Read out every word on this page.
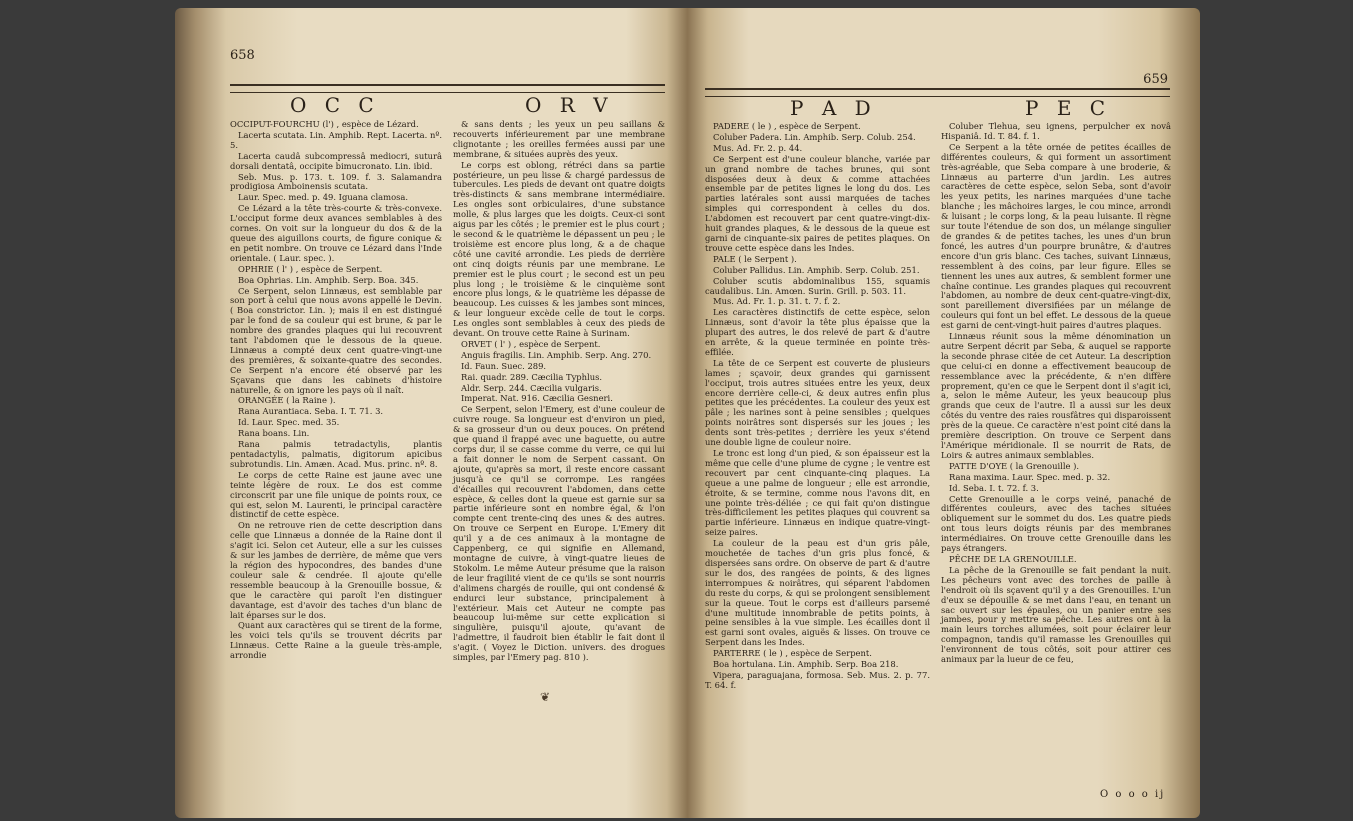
658
O C C	O R V

OCCIPUT-FOURCHU (l') , espèce de Lézard.

Lacerta scutata. Lin. Amphib. Rept. Lacerta. nº. 5.

Lacerta caudâ subcompressâ mediocri, suturâ dorsali dentatâ, occipite bimucronato. Lin. ibid.

Seb. Mus. p. 173. t. 109. f. 3. Salamandra prodigiosa Amboinensis scutata.

Laur. Spec. med. p. 49. Iguana clamosa.

Ce Lézard a la tête très-courte & très-convexe. L'occiput forme deux avances semblables à des cornes. On voit sur la longueur du dos & de la queue des aiguillons courts, de figure conique & en petit nombre. On trouve ce Lézard dans l'Inde orientale. ( Laur. spec. ).

OPHRIE ( l' ) , espèce de Serpent.

Boa Ophrias. Lin. Amphib. Serp. Boa. 345.

Ce Serpent, selon Linnæus, est semblable par son port à celui que nous avons appellé le Devin. ( Boa constrictor. Lin. ); mais il en est distingué par le fond de sa couleur qui est brune, & par le nombre des grandes plaques qui lui recouvrent tant l'abdomen que le dessous de la queue. Linnæus a compté deux cent quatre-vingt-une des premières, & soixante-quatre des secondes. Ce Serpent n'a encore été observé par les Sçavans que dans les cabinets d'histoire naturelle, & on ignore les pays où il naît.

ORANGÉE ( la Raine ).

Rana Aurantiaca. Seba. I. T. 71. 3.

Id. Laur. Spec. med. 35.

Rana boans. Lin.

Rana palmis tetradactylis, plantis pentadactylis, palmatis, digitorum apicibus subrotundis. Lin. Amæn. Acad. Mus. princ. nº. 8.

Le corps de cette Raine est jaune avec une teinte légère de roux. Le dos est comme circonscrit par une file unique de points roux, ce qui est, selon M. Laurenti, le principal caractère distinctif de cette espèce.

On ne retrouve rien de cette description dans celle que Linnæus a donnée de la Raine dont il s'agit ici. Selon cet Auteur, elle a sur les cuisses & sur les jambes de derrière, de même que vers la région des hypocondres, des bandes d'une couleur sale & cendrée. Il ajoute qu'elle ressemble beaucoup à la Grenouille bossue, & que le caractère qui paroît l'en distinguer davantage, est d'avoir des taches d'un blanc de lait éparses sur le dos.

Quant aux caractères qui se tirent de la forme, les voici tels qu'ils se trouvent décrits par Linnæus. Cette Raine a la gueule très-ample, arrondie

& sans dents ; les yeux un peu saillans & recouverts inférieurement par une membrane clignotante ; les oreilles fermées aussi par une membrane, & situées auprès des yeux.

Le corps est oblong, rétréci dans sa partie postérieure, un peu lisse & chargé pardessus de tubercules. Les pieds de devant ont quatre doigts très-distincts & sans membrane intermédiaire. Les ongles sont orbiculaires, d'une substance molle, & plus larges que les doigts. Ceux-ci sont aigus par les côtés ; le premier est le plus court ; le second & le quatrième le dépassent un peu ; le troisième est encore plus long, & a de chaque côté une cavité arrondie. Les pieds de derrière ont cinq doigts réunis par une membrane. Le premier est le plus court ; le second est un peu plus long ; le troisième & le cinquième sont encore plus longs, & le quatrième les dépasse de beaucoup. Les cuisses & les jambes sont minces, & leur longueur excède celle de tout le corps. Les ongles sont semblables à ceux des pieds de devant. On trouve cette Raine à Surinam.

ORVET ( l' ) , espèce de Serpent.

Anguis fragilis. Lin. Amphib. Serp. Ang. 270.

Id. Faun. Suec. 289.

Rai. quadr. 289. Cæcilia Typhlus.

Aldr. Serp. 244. Cæcilia vulgaris.

Imperat. Nat. 916. Cæcilia Gesneri.

Ce Serpent, selon l'Emery, est d'une couleur de cuivre rouge. Sa longueur est d'environ un pied, & sa grosseur d'un ou deux pouces. On prétend que quand il frappé avec une baguette, ou autre corps dur, il se casse comme du verre, ce qui lui a fait donner le nom de Serpent cassant. On ajoute, qu'après sa mort, il reste encore cassant jusqu'à ce qu'il se corrompe. Les rangées d'écailles qui recouvrent l'abdomen, dans cette espèce, & celles dont la queue est garnie sur sa partie inférieure sont en nombre égal, & l'on compte cent trente-cinq des unes & des autres. On trouve ce Serpent en Europe. L'Emery dit qu'il y a de ces animaux à la montagne de Cappenberg, ce qui signifie en Allemand, montagne de cuivre, à vingt-quatre lieues de Stokolm. Le même Auteur présume que la raison de leur fragilité vient de ce qu'ils se sont nourris d'alimens chargés de rouille, qui ont condensé & endurci leur substance, principalement à l'extérieur. Mais cet Auteur ne compte pas beaucoup lui-même sur cette explication si singulière, puisqu'il ajoute, qu'avant de l'admettre, il faudroit bien établir le fait dont il s'agit. ( Voyez le Diction. univers. des drogues simples, par l'Emery pag. 810 ).

❦
659
P A D	P E C

PADERE ( le ) , espèce de Serpent.

Coluber Padera. Lin. Amphib. Serp. Colub. 254.

Mus. Ad. Fr. 2. p. 44.

Ce Serpent est d'une couleur blanche, variée par un grand nombre de taches brunes, qui sont disposées deux à deux & comme attachées ensemble par de petites lignes le long du dos. Les parties latérales sont aussi marquées de taches simples qui correspondent à celles du dos. L'abdomen est recouvert par cent quatre-vingt-dix-huit grandes plaques, & le dessous de la queue est garni de cinquante-six paires de petites plaques. On trouve cette espèce dans les Indes.

PALE ( le Serpent ).

Coluber Pallidus. Lin. Amphib. Serp. Colub. 251.

Coluber scutis abdominalibus 155, squamis caudalibus. Lin. Amœn. Surin. Grill. p. 503. 11.

Mus. Ad. Fr. 1. p. 31. t. 7. f. 2.

Les caractères distinctifs de cette espèce, selon Linnæus, sont d'avoir la tête plus épaisse que la plupart des autres, le dos relevé de part & d'autre en arrête, & la queue terminée en pointe très-effilée.

La tête de ce Serpent est couverte de plusieurs lames ; sçavoir, deux grandes qui garnissent l'occiput, trois autres situées entre les yeux, deux encore derrière celle-ci, & deux autres enfin plus petites que les précédentes. La couleur des yeux est pâle ; les narines sont à peine sensibles ; quelques points noirâtres sont dispersés sur les joues ; les dents sont très-petites ; derrière les yeux s'étend une double ligne de couleur noire.

Le tronc est long d'un pied, & son épaisseur est la même que celle d'une plume de cygne ; le ventre est recouvert par cent cinquante-cinq plaques. La queue a une palme de longueur ; elle est arrondie, étroite, & se termine, comme nous l'avons dit, en une pointe très-déliée ; ce qui fait qu'on distingue très-difficilement les petites plaques qui couvrent sa partie inférieure. Linnæus en indique quatre-vingt-seize paires.

La couleur de la peau est d'un gris pâle, mouchetée de taches d'un gris plus foncé, & dispersées sans ordre. On observe de part & d'autre sur le dos, des rangées de points, & des lignes interrompues & noirâtres, qui séparent l'abdomen du reste du corps, & qui se prolongent sensiblement sur la queue. Tout le corps est d'ailleurs parsemé d'une multitude innombrable de petits points, à peine sensibles à la vue simple. Les écailles dont il est garni sont ovales, aiguës & lisses. On trouve ce Serpent dans les Indes.

PARTERRE ( le ) , espèce de Serpent.

Boa hortulana. Lin. Amphib. Serp. Boa 218.

Vipera, paraguajana, formosa. Seb. Mus. 2. p. 77. T. 64. f.

Coluber Tlehua, seu ignens, perpulcher ex novâ Hispaniâ. Id. T. 84. f. 1.

Ce Serpent a la tête ornée de petites écailles de différentes couleurs, & qui forment un assortiment très-agréable, que Seba compare à une broderie, & Linnæus au parterre d'un jardin. Les autres caractères de cette espèce, selon Seba, sont d'avoir les yeux petits, les narines marquées d'une tache blanche ; les mâchoires larges, le cou mince, arrondi & luisant ; le corps long, & la peau luisante. Il règne sur toute l'étendue de son dos, un mélange singulier de grandes & de petites taches, les unes d'un brun foncé, les autres d'un pourpre brunâtre, & d'autres encore d'un gris blanc. Ces taches, suivant Linnæus, ressemblent à des coins, par leur figure. Elles se tiennent les unes aux autres, & semblent former une chaîne continue. Les grandes plaques qui recouvrent l'abdomen, au nombre de deux cent-quatre-vingt-dix, sont pareillement diversifiées par un mélange de couleurs qui font un bel effet. Le dessous de la queue est garni de cent-vingt-huit paires d'autres plaques.

Linnæus réunit sous la même dénomination un autre Serpent décrit par Seba, & auquel se rapporte la seconde phrase citée de cet Auteur. La description que celui-ci en donne a effectivement beaucoup de ressemblance avec la précédente, & n'en diffère proprement, qu'en ce que le Serpent dont il s'agit ici, a, selon le même Auteur, les yeux beaucoup plus grands que ceux de l'autre. Il a aussi sur les deux côtés du ventre des raies rousfâtres qui disparoissent près de la queue. Ce caractère n'est point cité dans la première description. On trouve ce Serpent dans l'Amérique méridionale. Il se nourrit de Rats, de Loirs & autres animaux semblables.

PATTE D'OYE ( la Grenouille ).

Rana maxima. Laur. Spec. med. p. 32.

Id. Seba. I. t. 72. f. 3.

Cette Grenouille a le corps veiné, panaché de différentes couleurs, avec des taches situées obliquement sur le sommet du dos. Les quatre pieds ont tous leurs doigts réunis par des membranes intermédiaires. On trouve cette Grenouille dans les pays étrangers.

PÊCHE DE LA GRENOUILLE.

La pêche de la Grenouille se fait pendant la nuit. Les pêcheurs vont avec des torches de paille à l'endroit où ils sçavent qu'il y a des Grenouilles. L'un d'eux se dépouille & se met dans l'eau, en tenant un sac ouvert sur les épaules, ou un panier entre ses jambes, pour y mettre sa pêche. Les autres ont à la main leurs torches allumées, soit pour éclairer leur compagnon, tandis qu'il ramasse les Grenouilles qui l'environnent de tous côtés, soit pour attirer ces animaux par la lueur de ce feu,

O o o o ij
